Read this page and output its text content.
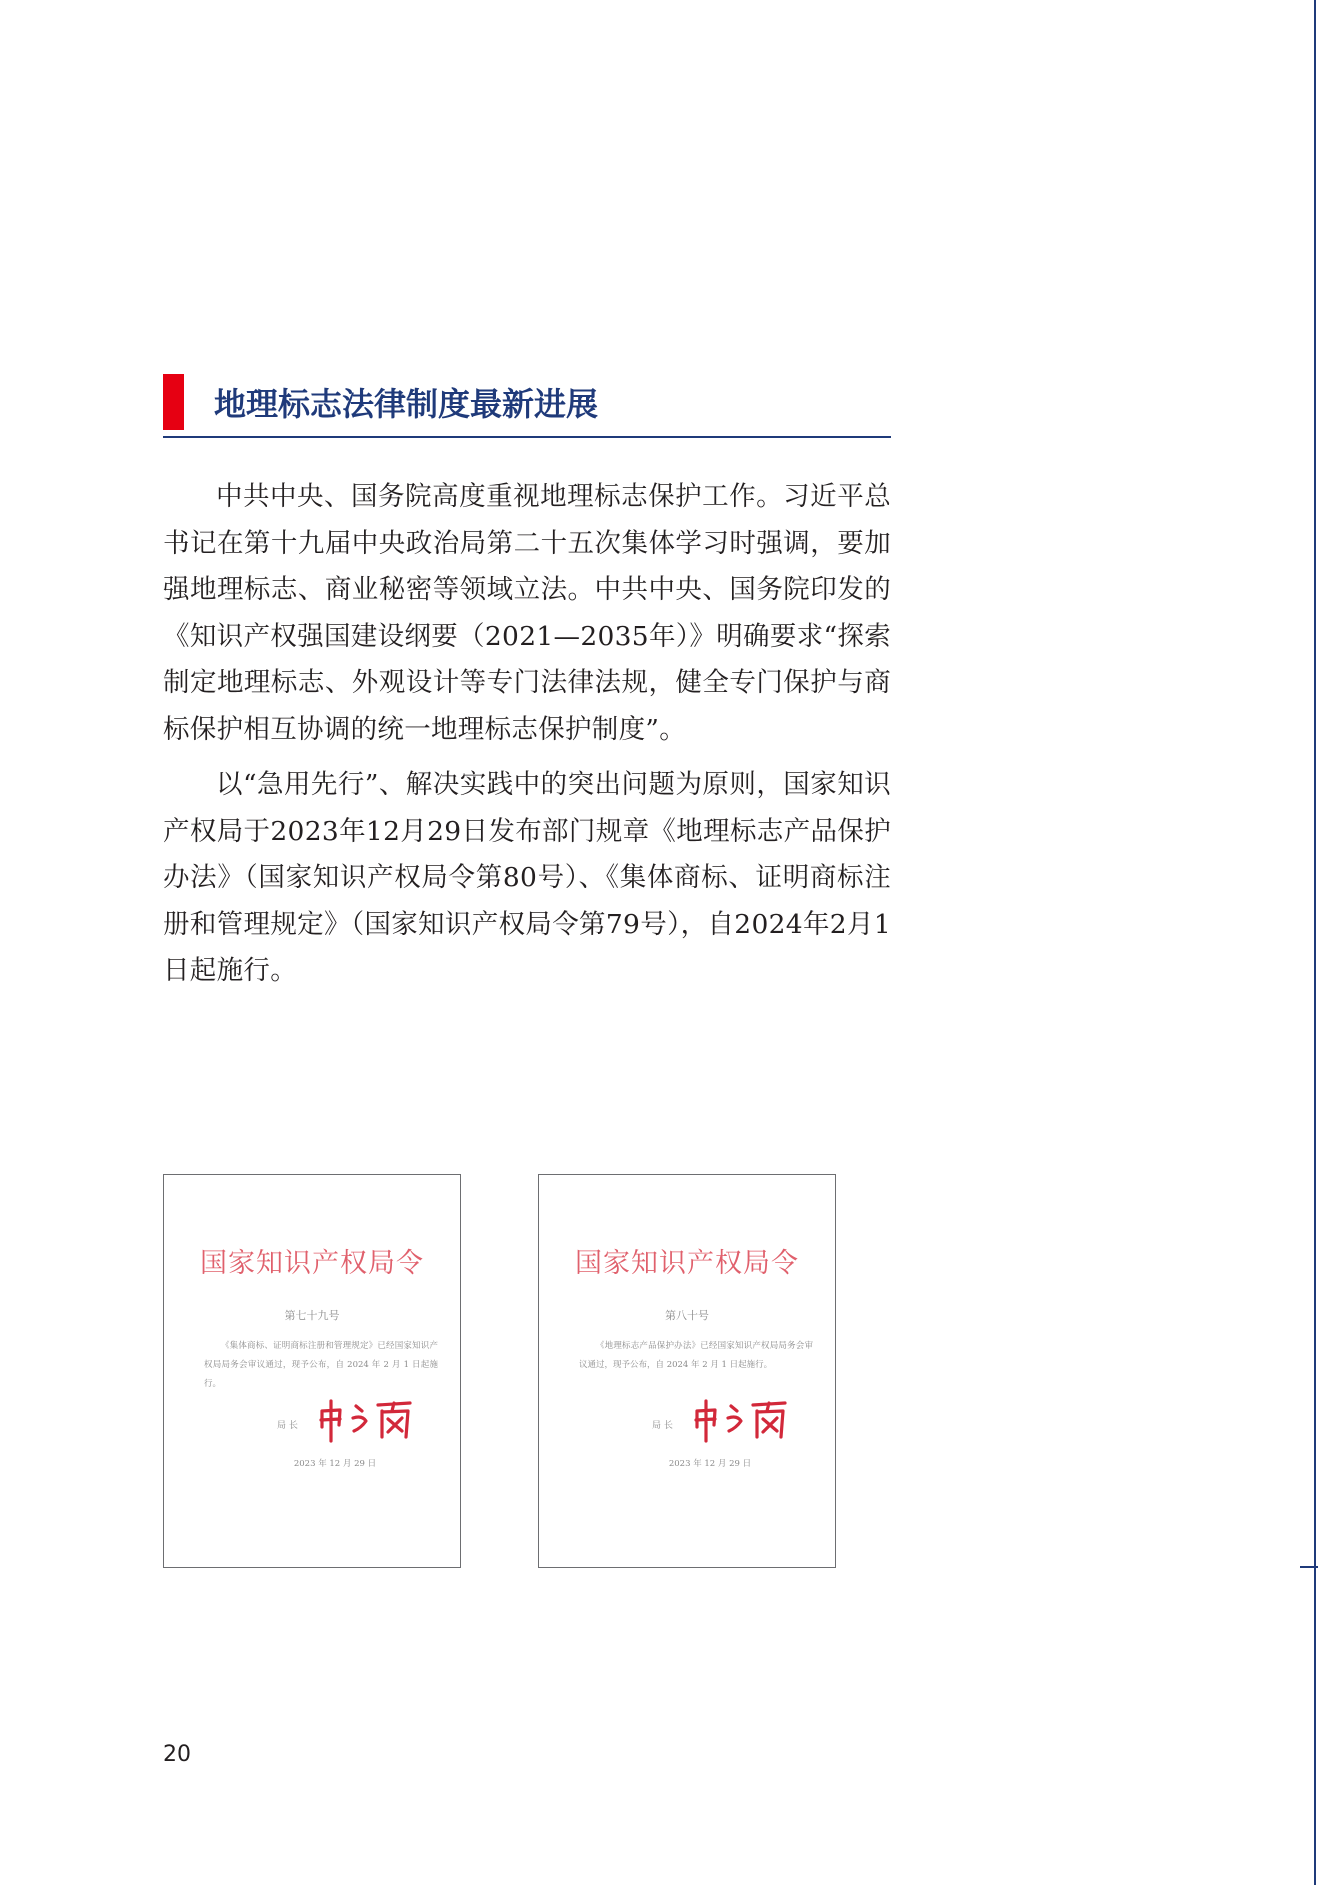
地理标志法律制度最新进展

中共中央、国务院高度重视地理标志保护工作。习近平总书记在第十九届中央政治局第二十五次集体学习时强调，要加强地理标志、商业秘密等领域立法。中共中央、国务院印发的《知识产权强国建设纲要（2021—2035年）》明确要求“探索制定地理标志、外观设计等专门法律法规，健全专门保护与商标保护相互协调的统一地理标志保护制度”。

以“急用先行”、解决实践中的突出问题为原则，国家知识产权局于2023年12月29日发布部门规章《地理标志产品保护办法》（国家知识产权局令第80号）、《集体商标、证明商标注册和管理规定》（国家知识产权局令第79号），自2024年2月1日起施行。

国家知识产权局令
第七十九号
《集体商标、证明商标注册和管理规定》已经国家知识产权局局务会审议通过，现予公布，自 2024 年 2 月 1 日起施行。
局 长
2023 年 12 月 29 日
国家知识产权局令
第八十号
《地理标志产品保护办法》已经国家知识产权局局务会审议通过，现予公布，自 2024 年 2 月 1 日起施行。
局 长
2023 年 12 月 29 日
20
